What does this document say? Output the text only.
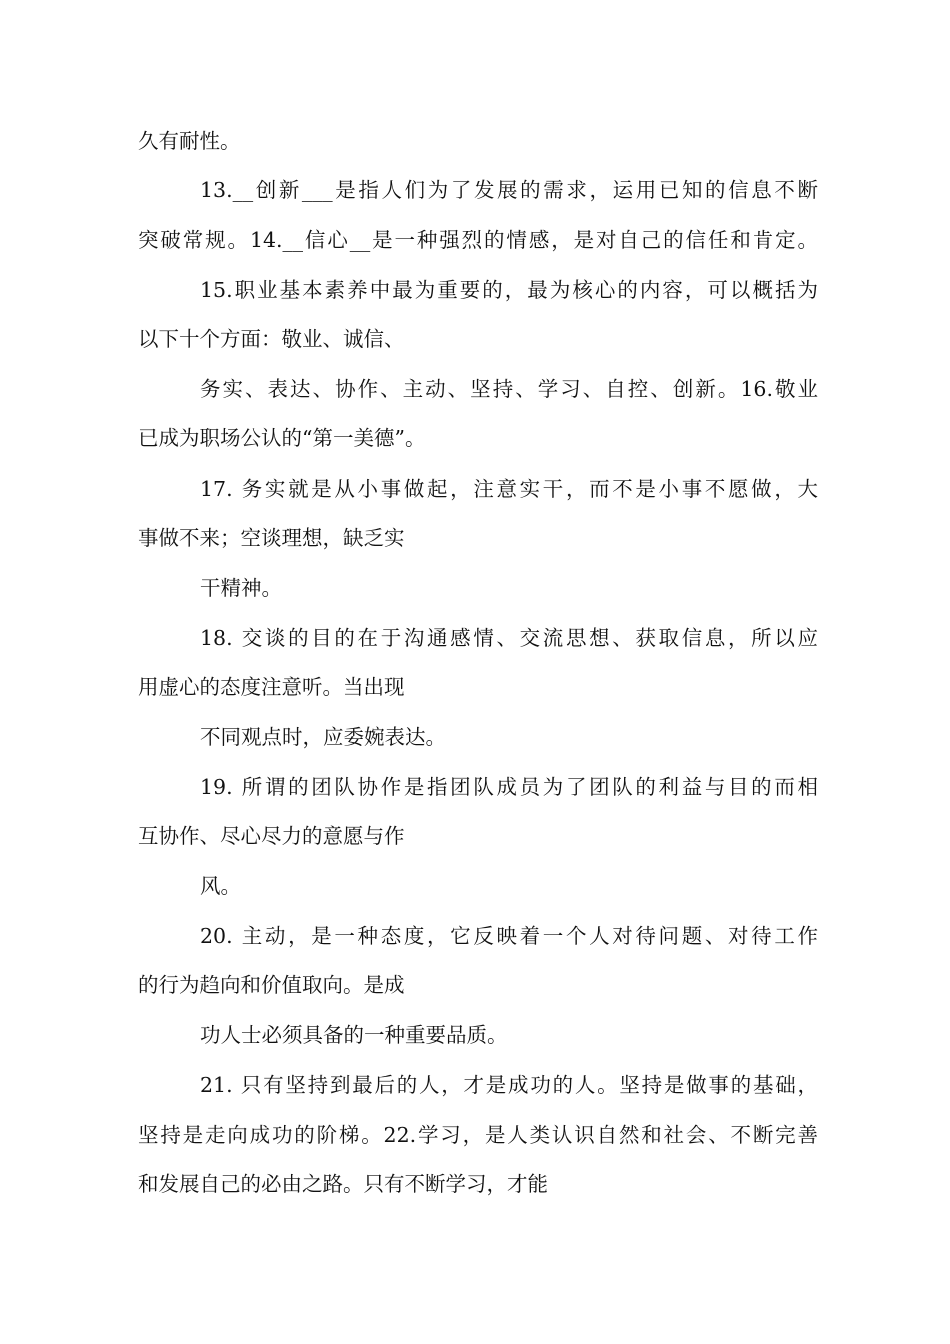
久有耐性。

13.__创新___是指人们为了发展的需求，运用已知的信息不断

突破常规。14.__信心__是一种强烈的情感，是对自己的信任和肯定。

15.职业基本素养中最为重要的，最为核心的内容，可以概括为

以下十个方面：敬业、诚信、

务实、表达、协作、主动、坚持、学习、自控、创新。16.敬业

已成为职场公认的“第一美德”。

17. 务实就是从小事做起，注意实干，而不是小事不愿做，大

事做不来；空谈理想，缺乏实

干精神。

18. 交谈的目的在于沟通感情、交流思想、获取信息，所以应

用虚心的态度注意听。当出现

不同观点时，应委婉表达。

19. 所谓的团队协作是指团队成员为了团队的利益与目的而相

互协作、尽心尽力的意愿与作

风。

20. 主动，是一种态度，它反映着一个人对待问题、对待工作

的行为趋向和价值取向。是成

功人士必须具备的一种重要品质。

21. 只有坚持到最后的人，才是成功的人。坚持是做事的基础，

坚持是走向成功的阶梯。22.学习，是人类认识自然和社会、不断完善

和发展自己的必由之路。只有不断学习，才能
